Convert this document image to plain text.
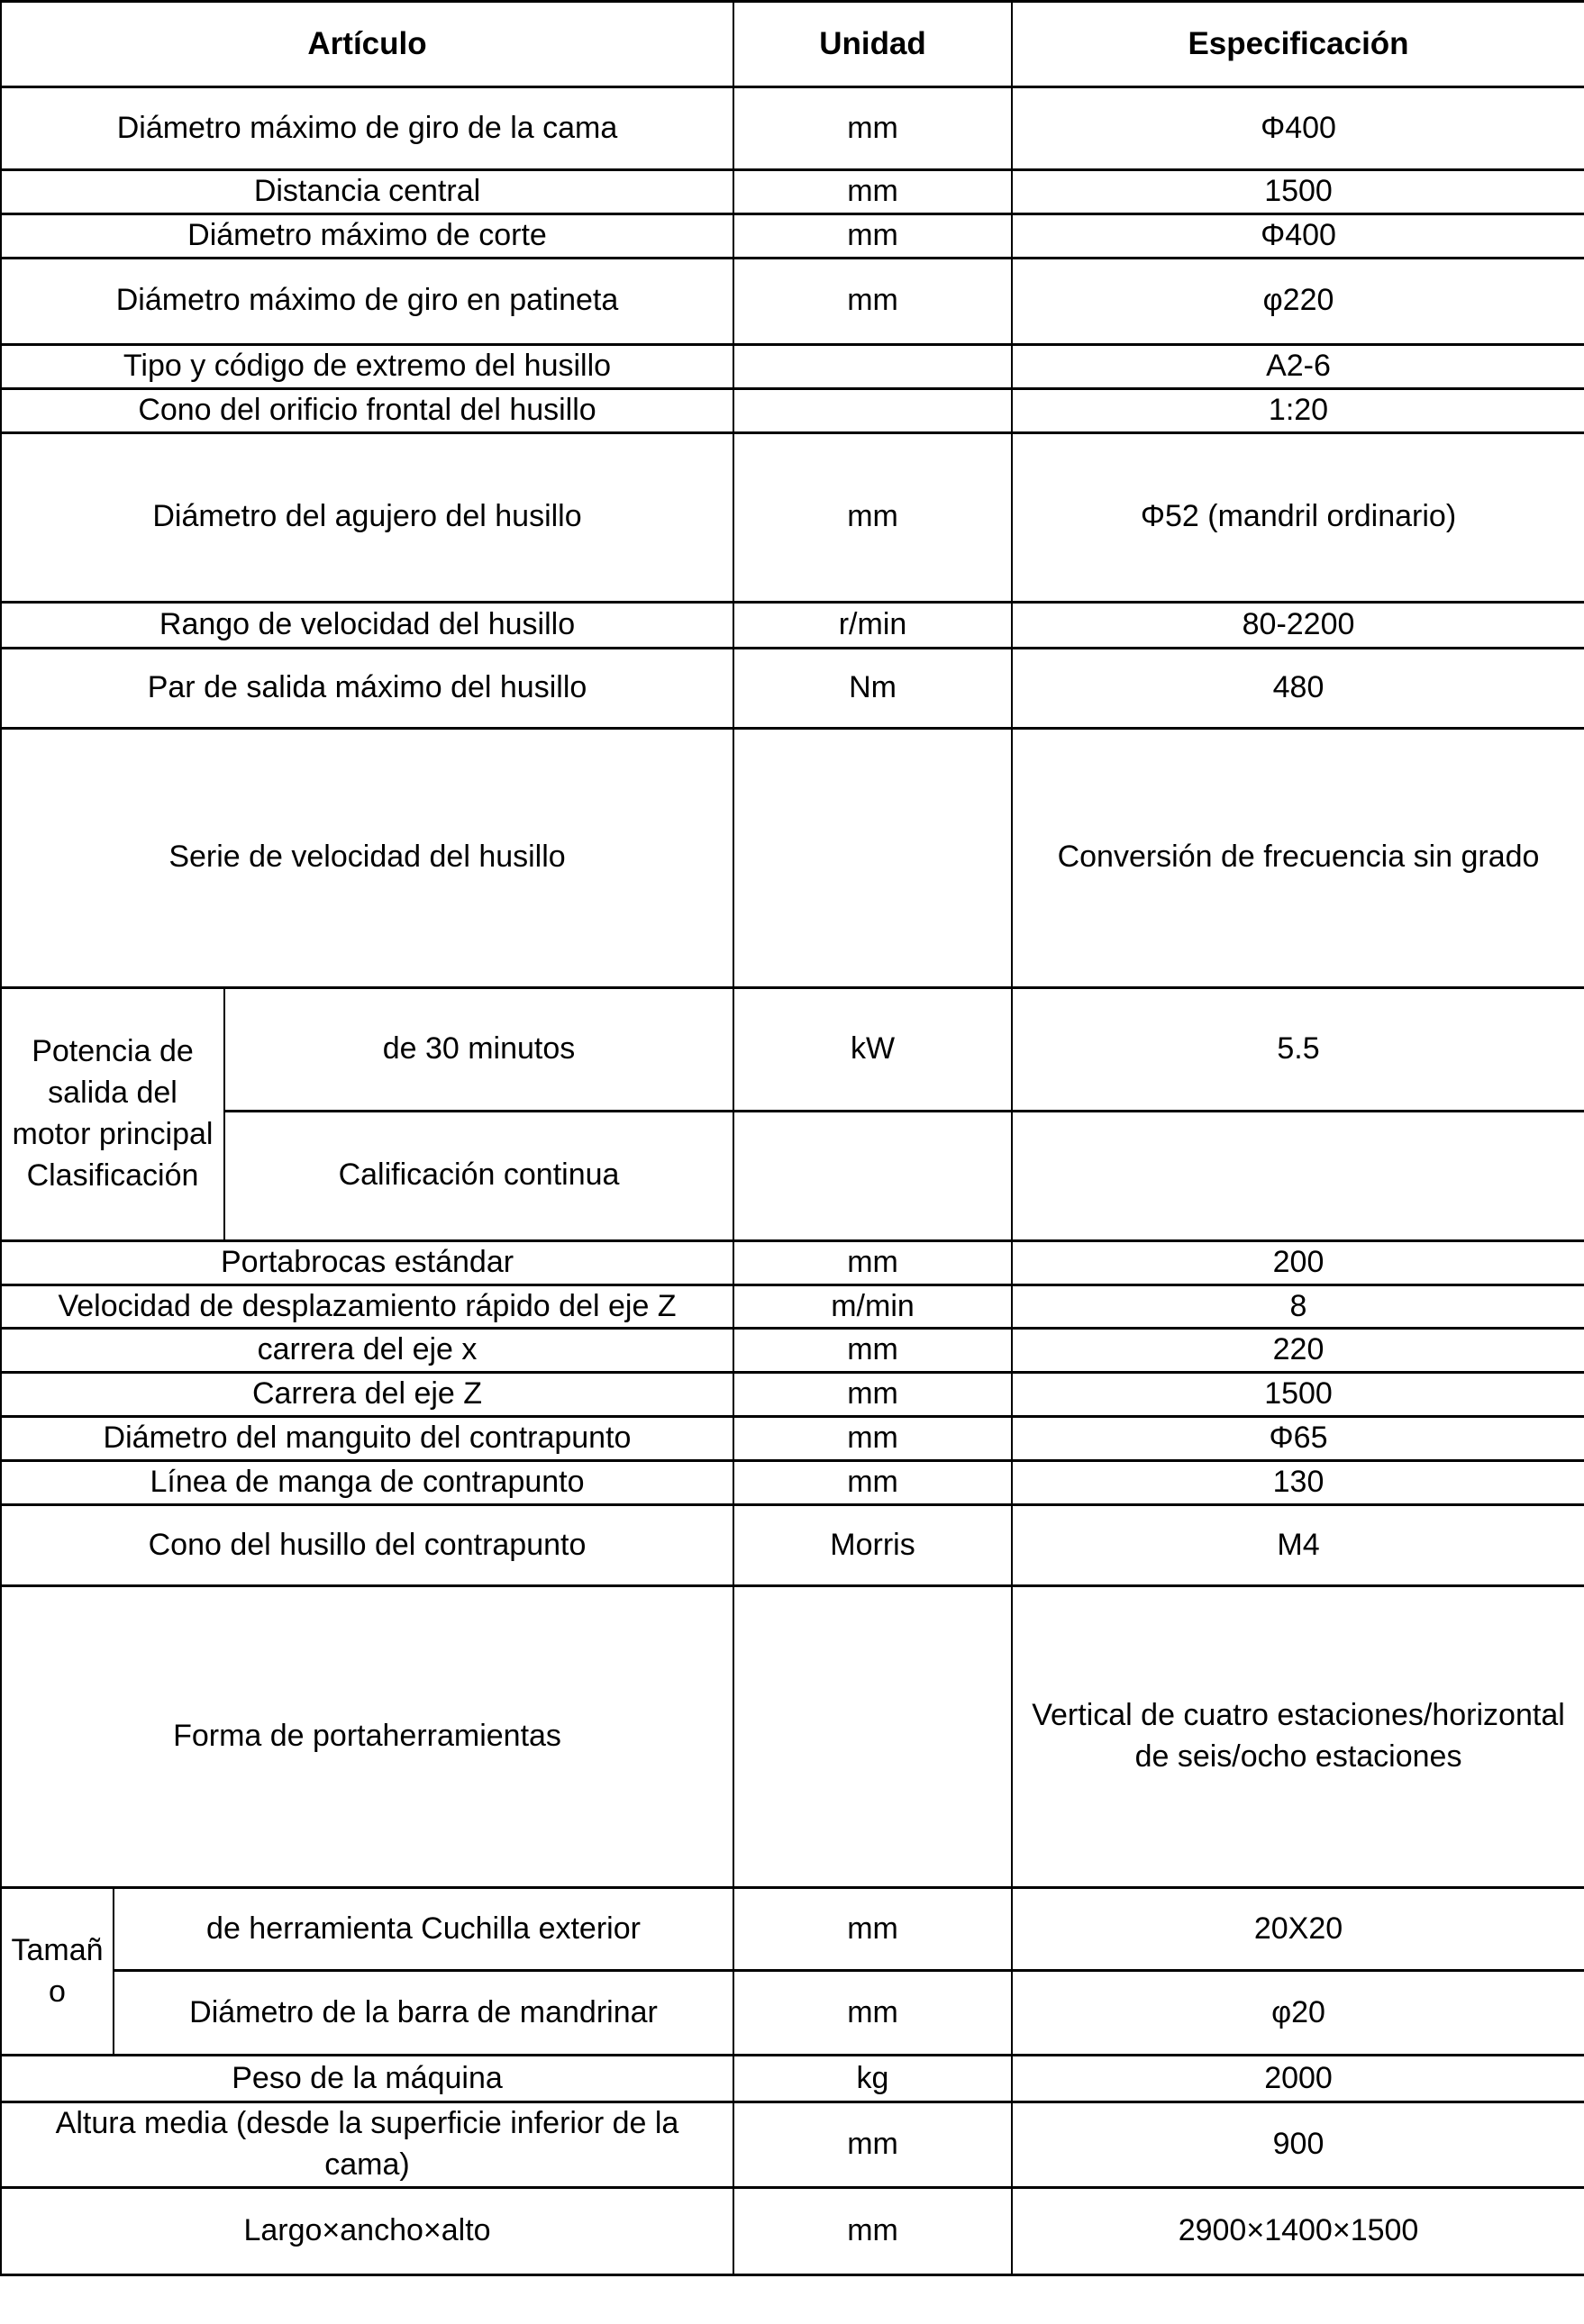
Artículo			Unidad	Especificación
Diámetro máximo de giro de la cama			mm	Φ400
Distancia central			mm	1500
Diámetro máximo de corte			mm	Φ400
Diámetro máximo de giro en patineta			mm	φ220
Tipo y código de extremo del husillo				A2-6
Cono del orificio frontal del husillo				1:20
Diámetro del agujero del husillo			mm	Φ52 (mandril ordinario)
Rango de velocidad del husillo			r/min	80-2200
Par de salida máximo del husillo			Nm	480
Serie de velocidad del husillo				Conversión de frecuencia sin grado
Potencia de salida del motor principal Clasificación		de 30 minutos	kW	5.5
		Calificación continua		
Portabrocas estándar			mm	200
Velocidad de desplazamiento rápido del eje Z			m/min	8
carrera del eje x			mm	220
Carrera del eje Z			mm	1500
Diámetro del manguito del contrapunto			mm	Φ65
Línea de manga de contrapunto			mm	130
Cono del husillo del contrapunto			Morris	M4
Forma de portaherramientas				Vertical de cuatro estaciones/horizontal de seis/ocho estaciones
Tamaño	de herramienta Cuchilla exterior		mm	20X20
	Diámetro de la barra de mandrinar		mm	φ20
Peso de la máquina			kg	2000
Altura media (desde la superficie inferior de la cama)			mm	900
Largo×ancho×alto			mm	2900×1400×1500
